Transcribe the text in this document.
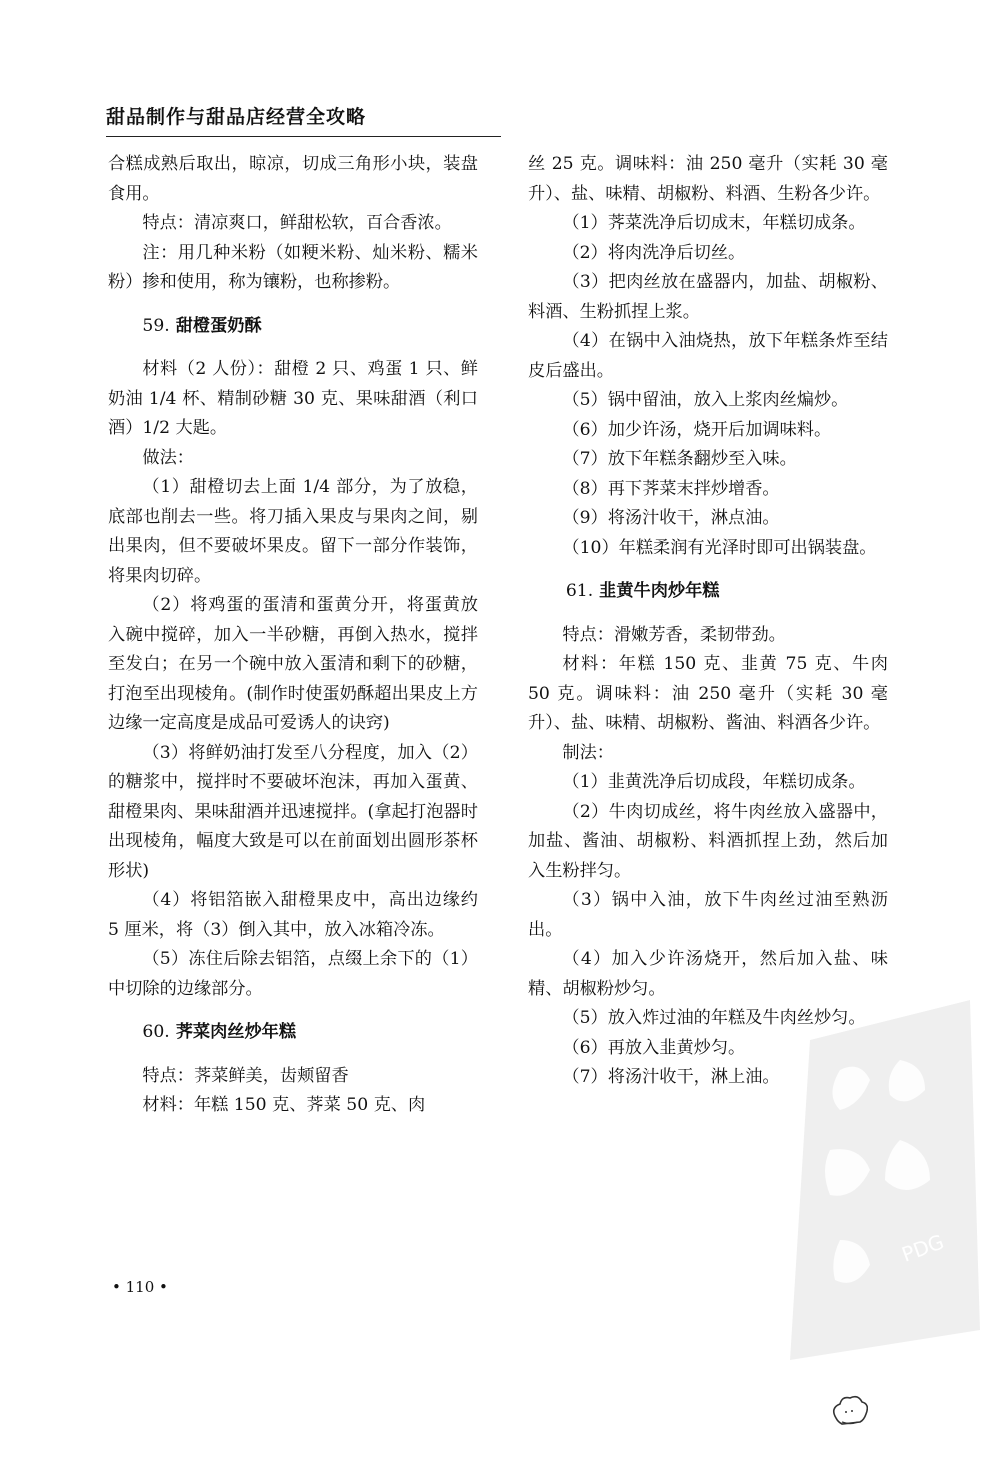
甜品制作与甜品店经营全攻略

合糕成熟后取出，晾凉，切成三角形小块，装盘食用。

特点：清凉爽口，鲜甜松软，百合香浓。

注：用几种米粉（如粳米粉、灿米粉、糯米粉）掺和使用，称为镶粉，也称掺粉。

59. 甜橙蛋奶酥

材料（2 人份）：甜橙 2 只、鸡蛋 1 只、鲜奶油 1/4 杯、精制砂糖 30 克、果味甜酒（利口酒）1/2 大匙。

做法：

（1）甜橙切去上面 1/4 部分，为了放稳，底部也削去一些。将刀插入果皮与果肉之间，剔出果肉，但不要破坏果皮。留下一部分作装饰，将果肉切碎。

（2）将鸡蛋的蛋清和蛋黄分开，将蛋黄放入碗中搅碎，加入一半砂糖，再倒入热水，搅拌至发白；在另一个碗中放入蛋清和剩下的砂糖，打泡至出现棱角。(制作时使蛋奶酥超出果皮上方边缘一定高度是成品可爱诱人的诀窍)

（3）将鲜奶油打发至八分程度，加入（2）的糖浆中，搅拌时不要破坏泡沫，再加入蛋黄、甜橙果肉、果味甜酒并迅速搅拌。(拿起打泡器时出现棱角，幅度大致是可以在前面划出圆形茶杯形状)

（4）将铝箔嵌入甜橙果皮中，高出边缘约 5 厘米，将（3）倒入其中，放入冰箱冷冻。

（5）冻住后除去铝箔，点缀上余下的（1）中切除的边缘部分。

60. 荠菜肉丝炒年糕

特点：荠菜鲜美，齿颊留香

材料：年糕 150 克、荠菜 50 克、肉

丝 25 克。调味料：油 250 毫升（实耗 30 毫升）、盐、味精、胡椒粉、料酒、生粉各少许。

（1）荠菜洗净后切成末，年糕切成条。

（2）将肉洗净后切丝。

（3）把肉丝放在盛器内，加盐、胡椒粉、料酒、生粉抓捏上浆。

（4）在锅中入油烧热，放下年糕条炸至结皮后盛出。

（5）锅中留油，放入上浆肉丝煸炒。

（6）加少许汤，烧开后加调味料。

（7）放下年糕条翻炒至入味。

（8）再下荠菜末拌炒增香。

（9）将汤汁收干，淋点油。

（10）年糕柔润有光泽时即可出锅装盘。

61. 韭黄牛肉炒年糕

特点：滑嫩芳香，柔韧带劲。

材料：年糕 150 克、韭黄 75 克、牛肉 50 克。调味料：油 250 毫升（实耗 30 毫升）、盐、味精、胡椒粉、酱油、料酒各少许。

制法：

（1）韭黄洗净后切成段，年糕切成条。

（2）牛肉切成丝，将牛肉丝放入盛器中，加盐、酱油、胡椒粉、料酒抓捏上劲，然后加入生粉拌匀。

（3）锅中入油，放下牛肉丝过油至熟沥出。

（4）加入少许汤烧开，然后加入盐、味精、胡椒粉炒匀。

（5）放入炸过油的年糕及牛肉丝炒匀。

（6）再放入韭黄炒匀。

（7）将汤汁收干，淋上油。

• 110 •
PDG
